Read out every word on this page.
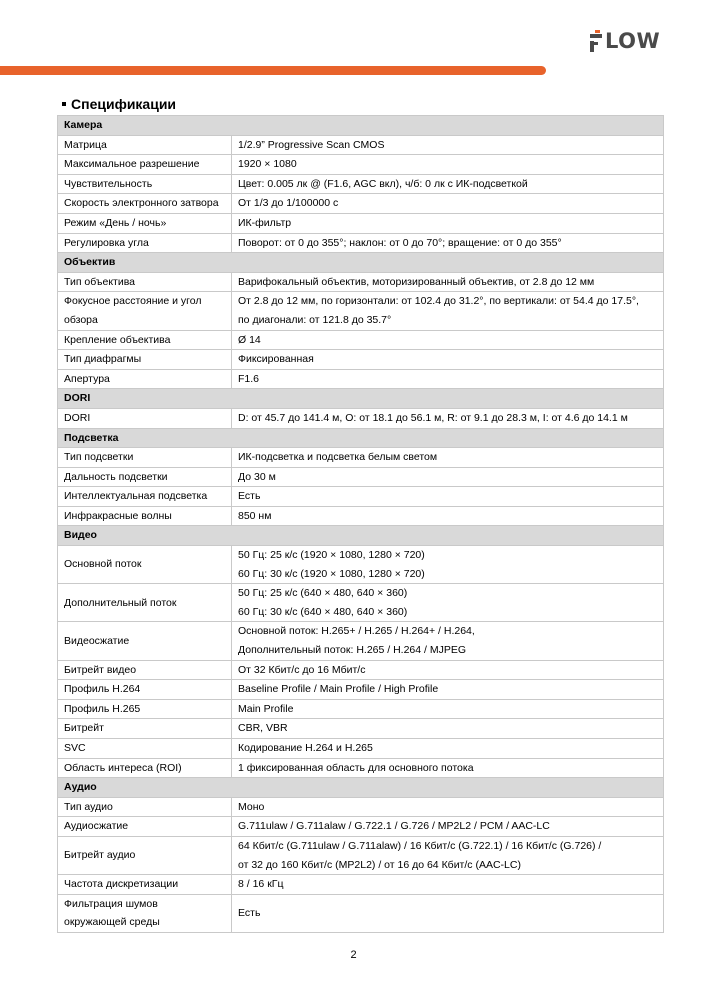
LOW
Спецификации
Камера	
Матрица	1/2.9” Progressive Scan CMOS

Максимальное разрешение	1920 × 1080

Чувствительность	Цвет: 0.005 лк @ (F1.6, AGC вкл), ч/б: 0 лк с ИК-подсветкой

Скорость электронного затвора	От 1/3 до 1/100000 с

Режим «День / ночь»	ИК-фильтр

Регулировка угла	Поворот: от 0 до 355°; наклон: от 0 до 70°; вращение: от 0 до 355°

Объектив	
Тип объектива	Варифокальный объектив, моторизированный объектив, от 2.8 до 12 мм

Фокусное расстояние и угол
обзора	От 2.8 до 12 мм, по горизонтали: от 102.4 до 31.2°, по вертикали: от 54.4 до 17.5°,
по диагонали: от 121.8 до 35.7°

Крепление объектива	Ø 14

Тип диафрагмы	Фиксированная

Апертура	F1.6

DORI	
DORI	D: от 45.7 до 141.4 м, O: от 18.1 до 56.1 м, R: от 9.1 до 28.3 м, I: от 4.6 до 14.1 м

Подсветка	
Тип подсветки	ИК-подсветка и подсветка белым светом

Дальность подсветки	До 30 м

Интеллектуальная подсветка	Есть

Инфракрасные волны	850 нм

Видео	
Основной поток	50 Гц: 25 к/с (1920 × 1080, 1280 × 720)
60 Гц: 30 к/с (1920 × 1080, 1280 × 720)

Дополнительный поток	50 Гц: 25 к/с (640 × 480, 640 × 360)
60 Гц: 30 к/с (640 × 480, 640 × 360)

Видеосжатие	Основной поток: H.265+ / H.265 / H.264+ / H.264,
Дополнительный поток: H.265 / H.264 / MJPEG

Битрейт видео	От 32 Кбит/с до 16 Мбит/с

Профиль H.264	Baseline Profile / Main Profile / High Profile

Профиль H.265	Main Profile

Битрейт	CBR, VBR

SVC	Кодирование H.264 и H.265

Область интереса (ROI)	1 фиксированная область для основного потока

Аудио	
Тип аудио	Моно

Аудиосжатие	G.711ulaw / G.711alaw / G.722.1 / G.726 / MP2L2 / PCM / AAC-LC

Битрейт аудио	64 Кбит/с (G.711ulaw / G.711alaw) / 16 Кбит/с (G.722.1) / 16 Кбит/с (G.726) /
от 32 до 160 Кбит/с (MP2L2) / от 16 до 64 Кбит/с (AAC-LC)

Частота дискретизации	8 / 16 кГц

Фильтрация шумов
окружающей среды	Есть
2
